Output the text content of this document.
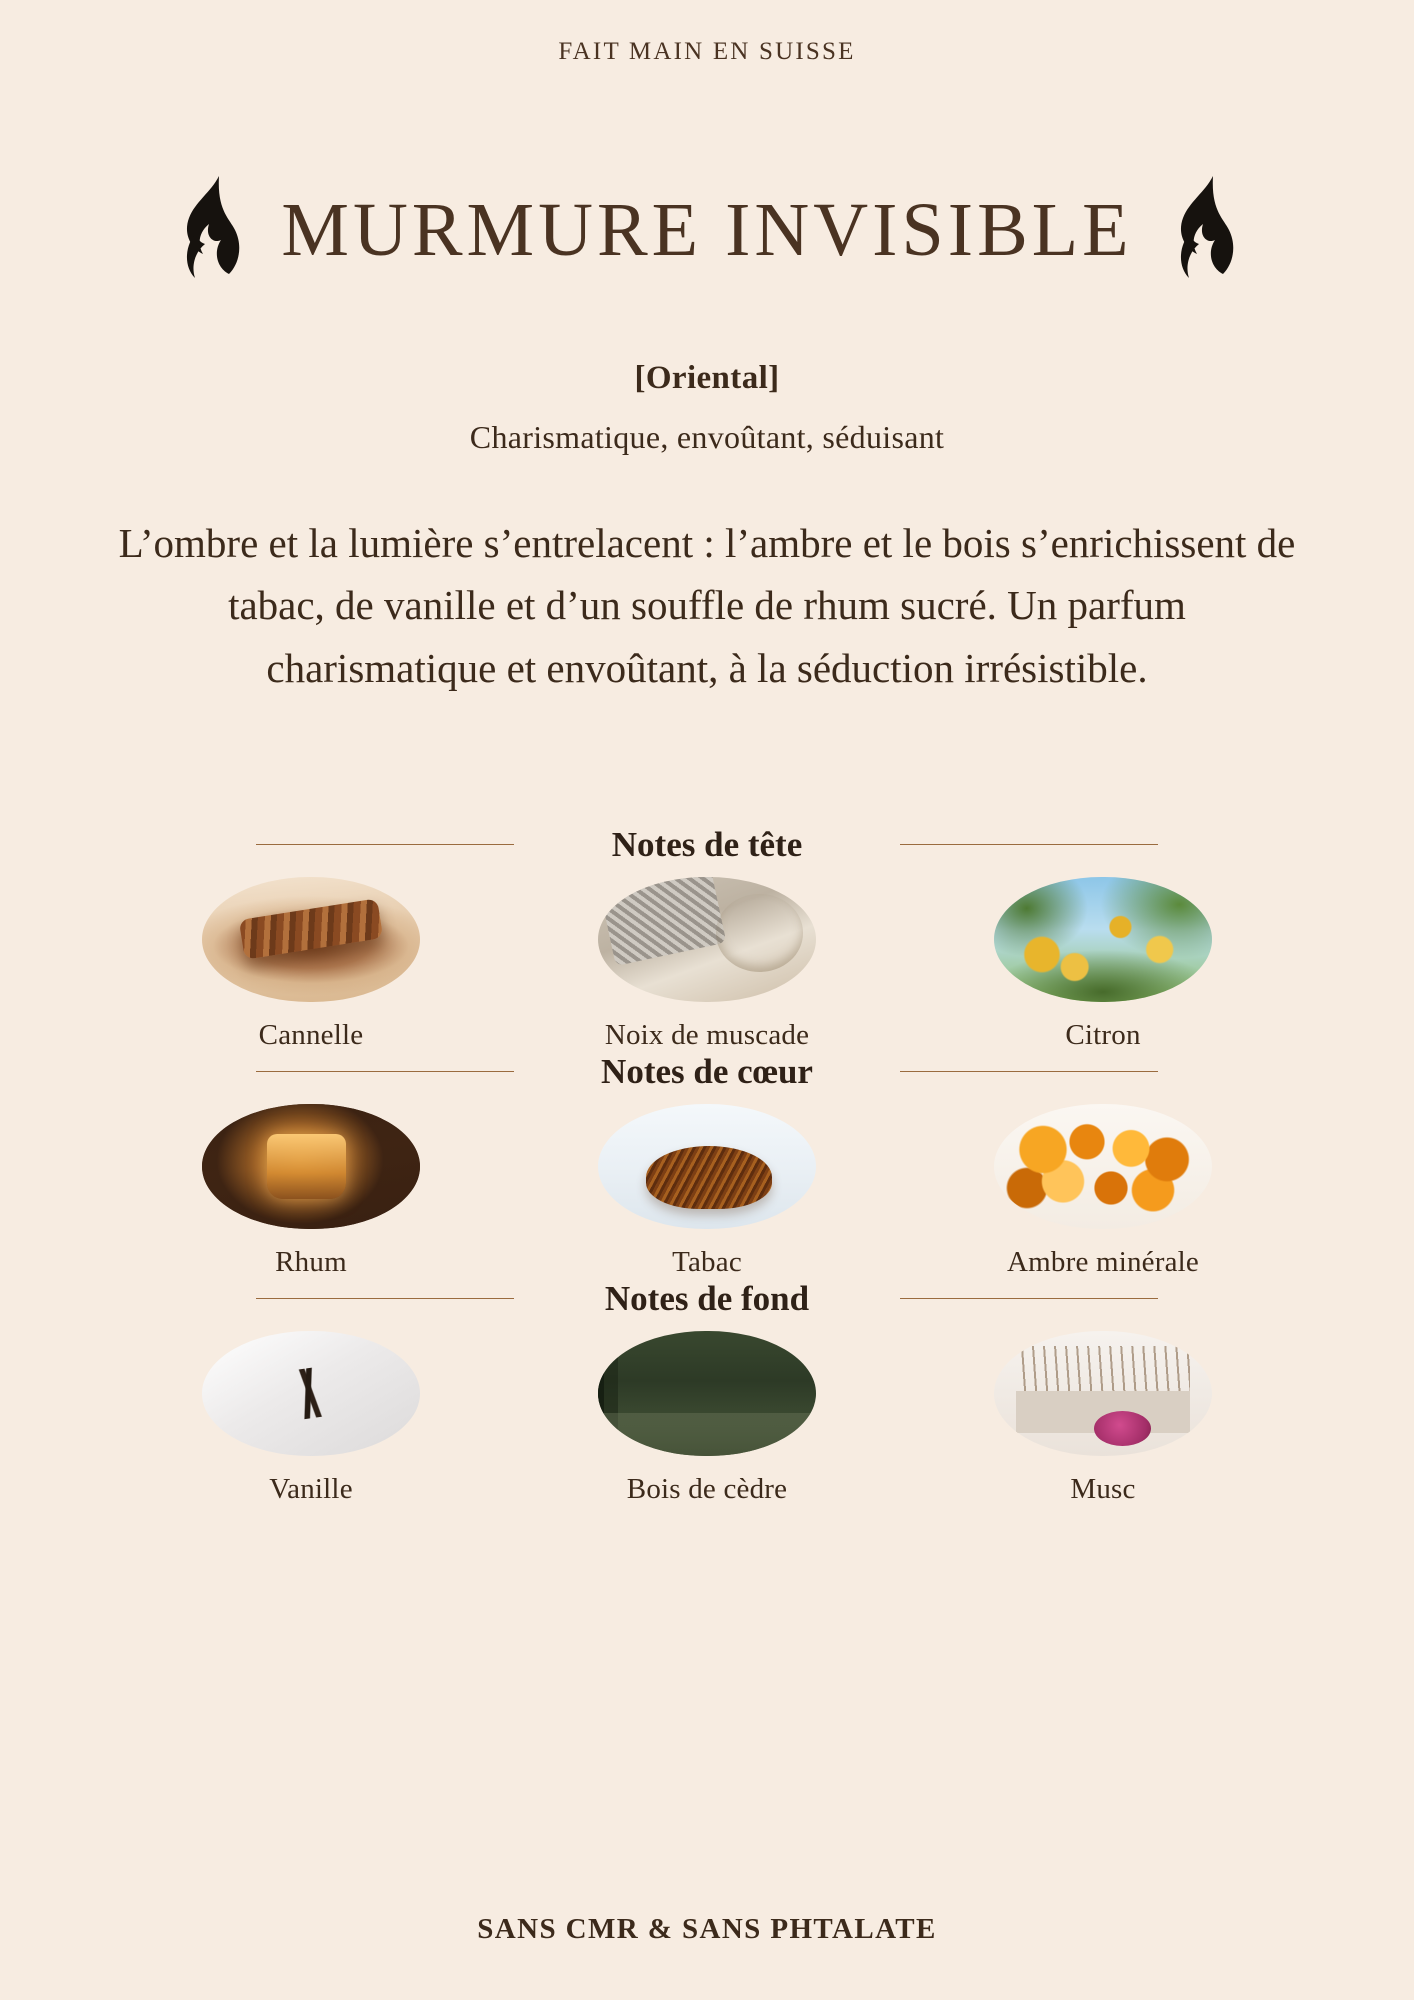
FAIT MAIN EN SUISSE
MURMURE INVISIBLE
[Oriental]
Charismatique, envoûtant, séduisant
L’ombre et la lumière s’entrelacent : l’ambre et le bois s’enrichissent de tabac, de vanille et d’un souffle de rhum sucré. Un parfum charismatique et envoûtant, à la séduction irrésistible.
Notes de tête
Cannelle	Noix de muscade	Citron
Notes de cœur
Rhum	Tabac	Ambre minérale
Notes de fond
Vanille	Bois de cèdre	Musc
SANS CMR & SANS PHTALATE
